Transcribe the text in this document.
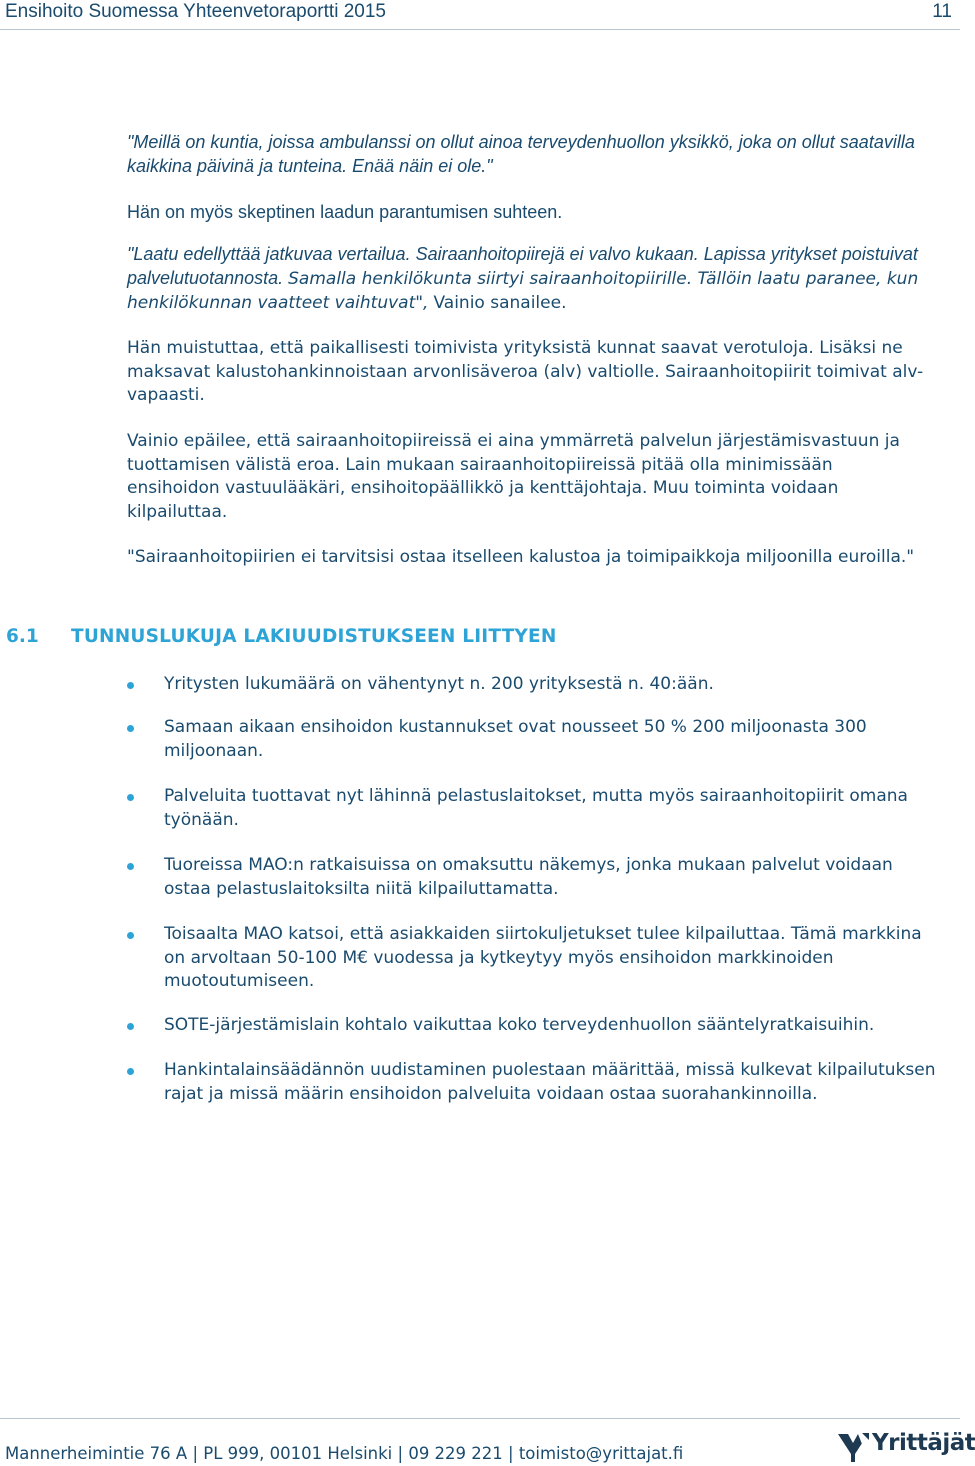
Ensihoito Suomessa Yhteenvetoraportti 2015	11

"Meillä on kuntia, joissa ambulanssi on ollut ainoa terveydenhuollon yksikkö, joka on ollut saatavilla kaikkina päivinä ja tunteina. Enää näin ei ole."

Hän on myös skeptinen laadun parantumisen suhteen.

"Laatu edellyttää jatkuvaa vertailua. Sairaanhoitopiirejä ei valvo kukaan. Lapissa yritykset poistuivat palvelutuotannosta. Samalla henkilökunta siirtyi sairaanhoitopiirille. Tällöin laatu paranee, kun henkilökunnan vaatteet vaihtuvat", Vainio sanailee.

Hän muistuttaa, että paikallisesti toimivista yrityksistä kunnat saavat verotuloja. Lisäksi ne maksavat kalustohankinnoistaan arvonlisäveroa (alv) valtiolle. Sairaanhoitopiirit toimivat alv-vapaasti.

Vainio epäilee, että sairaanhoitopiireissä ei aina ymmärretä palvelun järjestämisvastuun ja tuottamisen välistä eroa. Lain mukaan sairaanhoitopiireissä pitää olla minimissään ensihoidon vastuulääkäri, ensihoitopäällikkö ja kenttäjohtaja. Muu toiminta voidaan kilpailuttaa.

"Sairaanhoitopiirien ei tarvitsisi ostaa itselleen kalustoa ja toimipaikkoja miljoonilla euroilla."

6.1 TUNNUSLUKUJA LAKIUUDISTUKSEEN LIITTYEN

Yritysten lukumäärä on vähentynyt n. 200 yrityksestä n. 40:ään.

Samaan aikaan ensihoidon kustannukset ovat nousseet 50 % 200 miljoonasta 300 miljoonaan.

Palveluita tuottavat nyt lähinnä pelastuslaitokset, mutta myös sairaanhoitopiirit omana työnään.

Tuoreissa MAO:n ratkaisuissa on omaksuttu näkemys, jonka mukaan palvelut voidaan ostaa pelastuslaitoksilta niitä kilpailuttamatta.

Toisaalta MAO katsoi, että asiakkaiden siirtokuljetukset tulee kilpailuttaa. Tämä markkina on arvoltaan 50-100 M€ vuodessa ja kytkeytyy myös ensihoidon markkinoiden muotoutumiseen.

SOTE-järjestämislain kohtalo vaikuttaa koko terveydenhuollon sääntelyratkaisuihin.

Hankintalainsäädännön uudistaminen puolestaan määrittää, missä kulkevat kilpailutuksen rajat ja missä määrin ensihoidon palveluita voidaan ostaa suorahankinnoilla.

Mannerheimintie 76 A | PL 999, 00101 Helsinki | 09 229 221 | toimisto@yrittajat.fi	Yrittäjät
